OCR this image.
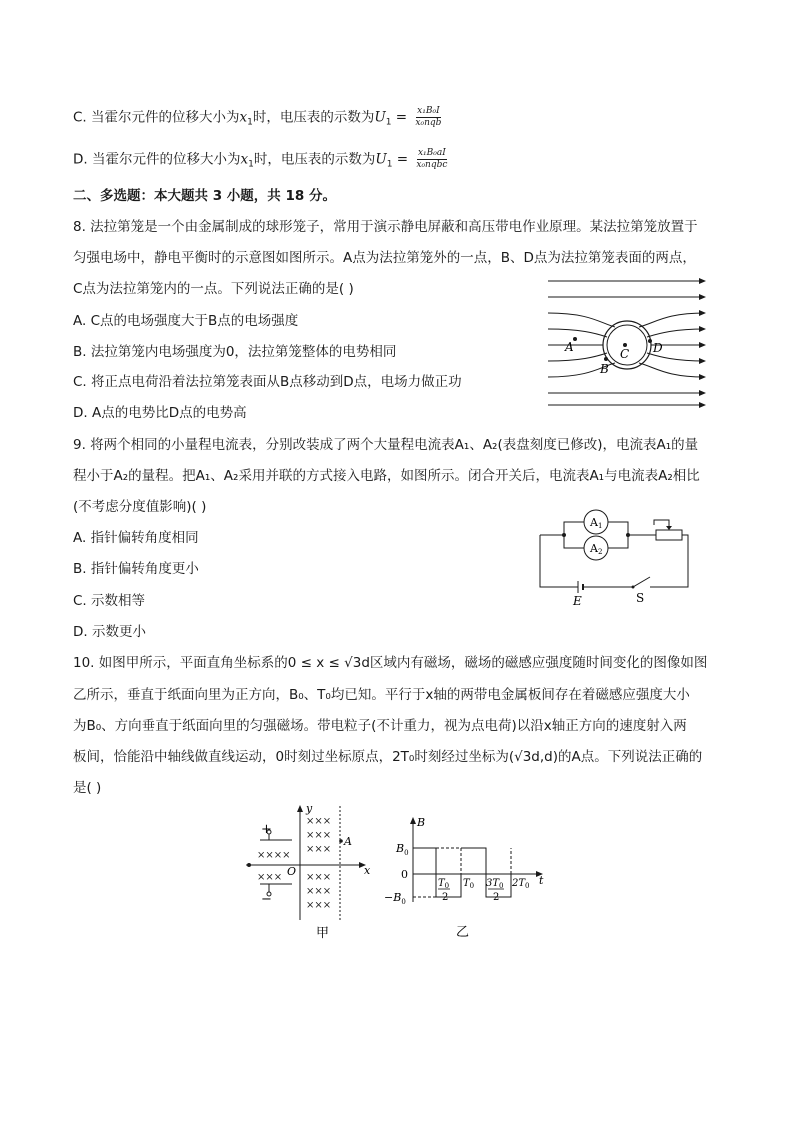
C. 当霍尔元件的位移大小为$x_1$时，电压表的示数为$U_1 = \frac{\text{x₁B₀I}}{\text{x₀nqb}}$
D. 当霍尔元件的位移大小为$x_1$时，电压表的示数为$U_1 = \frac{\text{x₁B₀aI}}{\text{x₀nqbc}}$
二、多选题：本大题共 3 小题，共 18 分。
8. 法拉第笼是一个由金属制成的球形笼子，常用于演示静电屏蔽和高压带电作业原理。某法拉第笼放置于
匀强电场中，静电平衡时的示意图如图所示。A点为法拉第笼外的一点，B、D点为法拉第笼表面的两点，
C点为法拉第笼内的一点。下列说法正确的是( )
A. C点的电场强度大于B点的电场强度
B. 法拉第笼内电场强度为0，法拉第笼整体的电势相同
C. 将正点电荷沿着法拉第笼表面从B点移动到D点，电场力做正功
D. A点的电势比D点的电势高
A
B
C D
9. 将两个相同的小量程电流表，分别改装成了两个大量程电流表A₁、A₂(表盘刻度已修改)，电流表A₁的量
程小于A₂的量程。把A₁、A₂采用并联的方式接入电路，如图所示。闭合开关后，电流表A₁与电流表A₂相比
(不考虑分度值影响)( )
A. 指针偏转角度相同
B. 指针偏转角度更小
C. 示数相等
D. 示数更小
A1
A2
E	S
10. 如图甲所示，平面直角坐标系的0 ≤ x ≤ √3d区域内有磁场，磁场的磁感应强度随时间变化的图像如图
乙所示，垂直于纸面向里为正方向，B₀、T₀均已知。平行于x轴的两带电金属板间存在着磁感应强度大小
为B₀、方向垂直于纸面向里的匀强磁场。带电粒子(不计重力，视为点电荷)以沿x轴正方向的速度射入两
板间，恰能沿中轴线做直线运动，0时刻过坐标原点，2T₀时刻经过坐标为(√3d,d)的A点。下列说法正确的
是( )
+
−
y
x
O
A
×××
×××
×××
×××
×××
×××
××××
×××
甲
B
t
$B_0$
0
$-B_0$
$T_0$
2
$T_0$ $3T_0$
2
$2T_0$
乙
